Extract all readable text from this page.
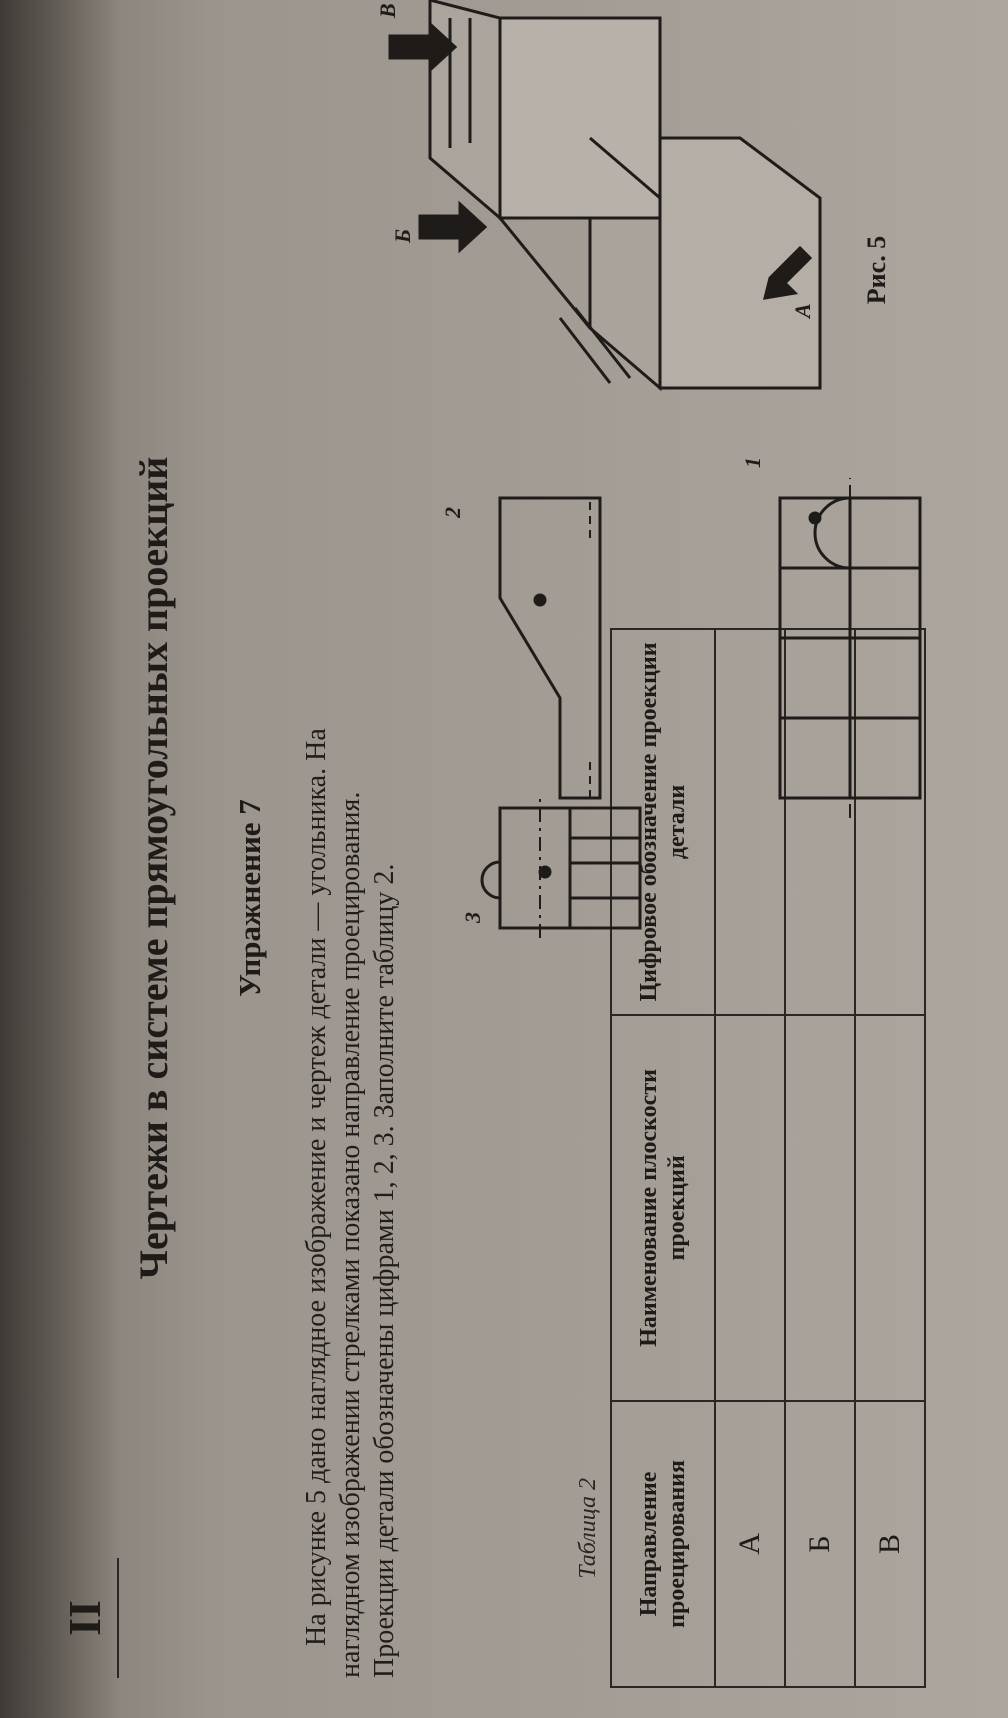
II
Чертежи в системе прямоугольных проекций Упражнение 7 На рисунке 5 дано наглядное изображение и чертеж детали — угольника. На наглядном изображении стрелками показано направление проецирования. Проекции детали обозначены цифрами 1, 2, 3. Заполните таблицу 2.	Таблица 2 Направление проецирования	Наименование плоскости проекций	Цифровое обозначение проекции детали
А		
Б		
В		
Рис. 5
В
Б
А
1
2
3
